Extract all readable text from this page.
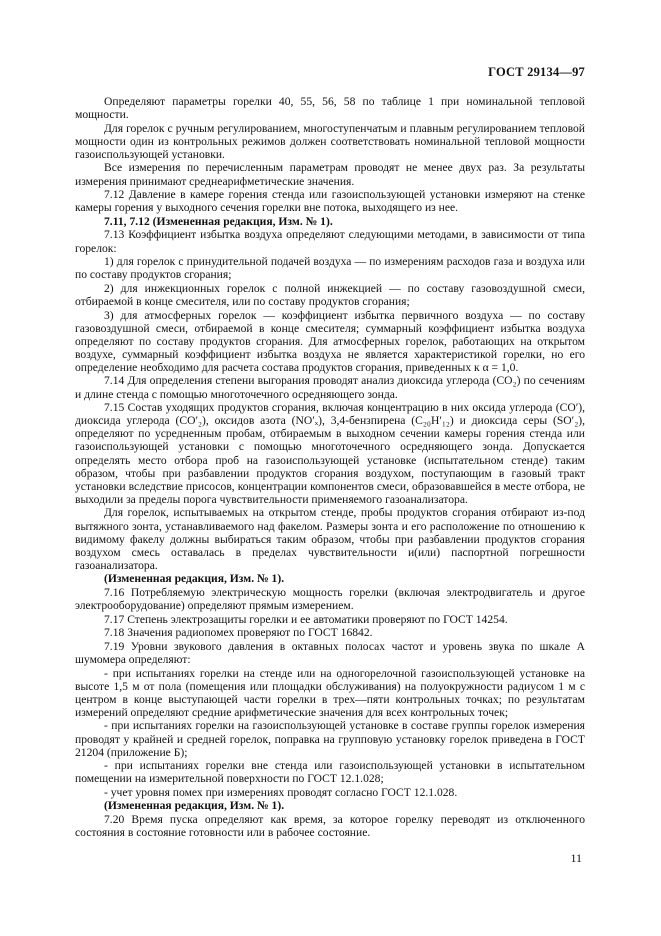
ГОСТ 29134—97

Определяют параметры горелки 40, 55, 56, 58 по таблице 1 при номинальной тепловой мощности.

Для горелок с ручным регулированием, многоступенчатым и плавным регулированием тепловой мощности один из контрольных режимов должен соответствовать номинальной тепловой мощности газоиспользующей установки.

Все измерения по перечисленным параметрам проводят не менее двух раз. За результаты измерения принимают среднеарифметические значения.

7.12 Давление в камере горения стенда или газоиспользующей установки измеряют на стенке камеры горения у выходного сечения горелки вне потока, выходящего из нее.

7.11, 7.12 (Измененная редакция, Изм. № 1).

7.13 Коэффициент избытка воздуха определяют следующими методами, в зависимости от типа горелок:

1) для горелок с принудительной подачей воздуха — по измерениям расходов газа и воздуха или по составу продуктов сгорания;

2) для инжекционных горелок с полной инжекцией — по составу газовоздушной смеси, отбираемой в конце смесителя, или по составу продуктов сгорания;

3) для атмосферных горелок — коэффициент избытка первичного воздуха — по составу газовоздушной смеси, отбираемой в конце смесителя; суммарный коэффициент избытка воздуха определяют по составу продуктов сгорания. Для атмосферных горелок, работающих на открытом воздухе, суммарный коэффициент избытка воздуха не является характеристикой горелки, но его определение необходимо для расчета состава продуктов сгорания, приведенных к α = 1,0.

7.14 Для определения степени выгорания проводят анализ диоксида углерода (CO₂) по сечениям и длине стенда с помощью многоточечного осредняющего зонда.

7.15 Состав уходящих продуктов сгорания, включая концентрацию в них оксида углерода (CO′), диоксида углерода (CO′₂), оксидов азота (NO′ₓ), 3,4-бензпирена (C₂₀H′₁₂) и диоксида серы (SO′₂), определяют по усредненным пробам, отбираемым в выходном сечении камеры горения стенда или газоиспользующей установки с помощью многоточечного осредняющего зонда. Допускается определять место отбора проб на газоиспользующей установке (испытательном стенде) таким образом, чтобы при разбавлении продуктов сгорания воздухом, поступающим в газовый тракт установки вследствие присосов, концентрации компонентов смеси, образовавшейся в месте отбора, не выходили за пределы порога чувствительности применяемого газоанализатора.

Для горелок, испытываемых на открытом стенде, пробы продуктов сгорания отбирают из-под вытяжного зонта, устанавливаемого над факелом. Размеры зонта и его расположение по отношению к видимому факелу должны выбираться таким образом, чтобы при разбавлении продуктов сгорания воздухом смесь оставалась в пределах чувствительности и(или) паспортной погрешности газоанализатора.

(Измененная редакция, Изм. № 1).

7.16 Потребляемую электрическую мощность горелки (включая электродвигатель и другое электрооборудование) определяют прямым измерением.

7.17 Степень электрозащиты горелки и ее автоматики проверяют по ГОСТ 14254.

7.18 Значения радиопомех проверяют по ГОСТ 16842.

7.19 Уровни звукового давления в октавных полосах частот и уровень звука по шкале А шумомера определяют:

- при испытаниях горелки на стенде или на одногорелочной газоиспользующей установке на высоте 1,5 м от пола (помещения или площадки обслуживания) на полуокружности радиусом 1 м с центром в конце выступающей части горелки в трех—пяти контрольных точках; по результатам измерений определяют средние арифметические значения для всех контрольных точек;

- при испытаниях горелки на газоиспользующей установке в составе группы горелок измерения проводят у крайней и средней горелок, поправка на групповую установку горелок приведена в ГОСТ 21204 (приложение Б);

- при испытаниях горелки вне стенда или газоиспользующей установки в испытательном помещении на измерительной поверхности по ГОСТ 12.1.028;

- учет уровня помех при измерениях проводят согласно ГОСТ 12.1.028.

(Измененная редакция, Изм. № 1).

7.20 Время пуска определяют как время, за которое горелку переводят из отключенного состояния в состояние готовности или в рабочее состояние.

11
